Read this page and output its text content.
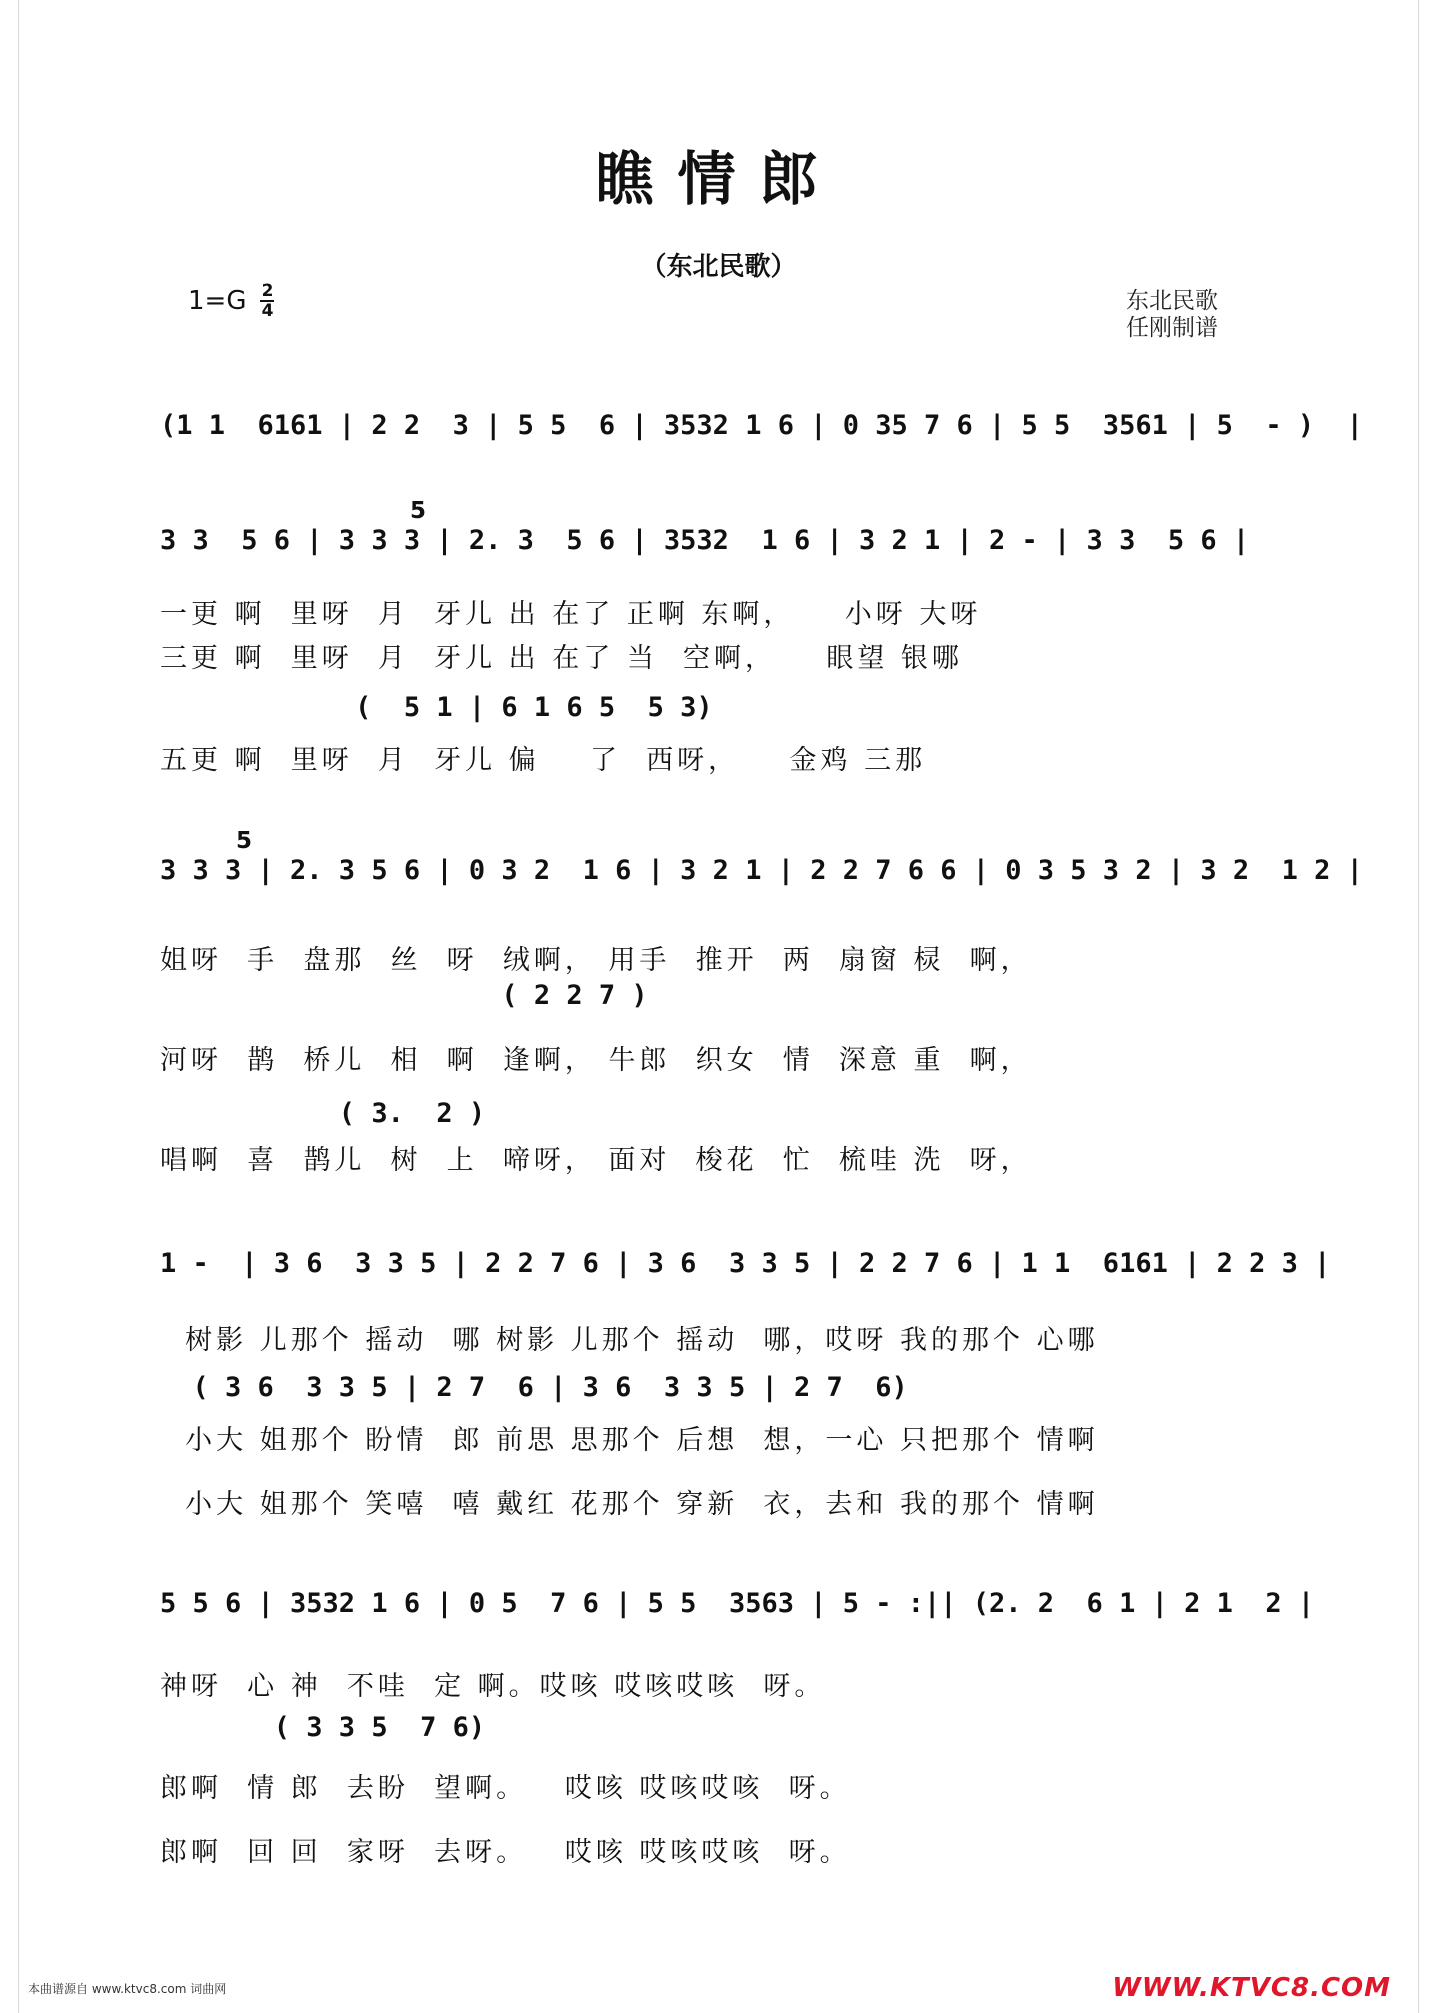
瞧情郎
（东北民歌）
$1=G \frac{2}{4}$	东北民歌
任刚制谱
(1 1  6161 | 2 2  3 | 5 5  6 | 3532 1 6 | 0 35 7 6 | 5 5  3561 | 5  - )  |
5
3 3  5 6 | 3 3 3 | 2. 3  5 6 | 3532  1 6 | 3 2 1 | 2 - | 3 3  5 6 |
一更 啊  里呀  月  牙儿 出 在了 正啊 东啊，    小呀 大呀
三更 啊  里呀  月  牙儿 出 在了 当  空啊，    眼望 银哪
(  5 1 | 6 1 6 5  5 3)
五更 啊  里呀  月  牙儿 偏    了  西呀，    金鸡 三那
5
3 3 3 | 2. 3 5 6 | 0 3 2  1 6 | 3 2 1 | 2 2 7 6 6 | 0 3 5 3 2 | 3 2  1 2 |
姐呀  手  盘那  丝  呀  绒啊， 用手  推开  两  扇窗 棂  啊，
( 2 2 7 )
河呀  鹊  桥儿  相  啊  逢啊， 牛郎  织女  情  深意 重  啊，
( 3.  2 )
唱啊  喜  鹊儿  树  上  啼呀， 面对  梭花  忙  梳哇 洗  呀，
1 -  | 3 6  3 3 5 | 2 2 7 6 | 3 6  3 3 5 | 2 2 7 6 | 1 1  6161 | 2 2 3 |
树影 儿那个 摇动  哪 树影 儿那个 摇动  哪，哎呀 我的那个 心哪
( 3 6  3 3 5 | 2 7  6 | 3 6  3 3 5 | 2 7  6)
小大 姐那个 盼情  郎 前思 思那个 后想  想，一心 只把那个 情啊
小大 姐那个 笑嘻  嘻 戴红 花那个 穿新  衣，去和 我的那个 情啊
5 5 6 | 3532 1 6 | 0 5  7 6 | 5 5  3563 | 5 - :|| (2. 2  6 1 | 2 1  2 |
神呀  心 神  不哇  定 啊。哎咳 哎咳哎咳  呀。
( 3 3 5  7 6)
郎啊  情 郎  去盼  望啊。   哎咳 哎咳哎咳  呀。
郎啊  回 回  家呀  去呀。   哎咳 哎咳哎咳  呀。
本曲谱源自 www.ktvc8.com 词曲网	WWW.KTVC8.COM
